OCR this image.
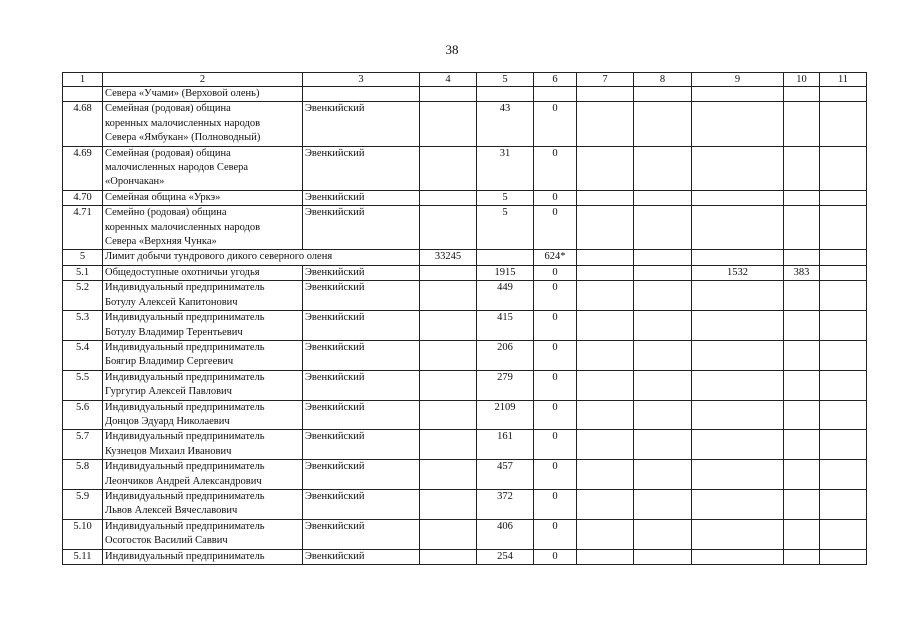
38
1	2	3	4	5	6	7	8	9	10	11
	Севера «Учами» (Верховой олень)									
4.68	Семейная (родовая) община
коренных малочисленных народов
Севера «Ямбукан» (Полноводный)	Эвенкийский		43	0					
4.69	Семейная (родовая) община
малочисленных народов Севера
«Орончакан»	Эвенкийский		31	0					
4.70	Семейная община «Уркэ»	Эвенкийский		5	0					
4.71	Семейно (родовая) община
коренных малочисленных народов
Севера «Верхняя Чунка»	Эвенкийский		5	0					
5	Лимит добычи тундрового дикого северного оленя		33245		624*					
5.1	Общедоступные охотничьи угодья	Эвенкийский		1915	0			1532	383	
5.2	Индивидуальный предприниматель
Ботулу Алексей Капитонович	Эвенкийский		449	0					
5.3	Индивидуальный предприниматель
Ботулу Владимир Терентьевич	Эвенкийский		415	0					
5.4	Индивидуальный предприниматель
Боягир Владимир Сергеевич	Эвенкийский		206	0					
5.5	Индивидуальный предприниматель
Гургугир Алексей Павлович	Эвенкийский		279	0					
5.6	Индивидуальный предприниматель
Донцов Эдуард Николаевич	Эвенкийский		2109	0					
5.7	Индивидуальный предприниматель
Кузнецов Михаил Иванович	Эвенкийский		161	0					
5.8	Индивидуальный предприниматель
Леончиков Андрей Александрович	Эвенкийский		457	0					
5.9	Индивидуальный предприниматель
Львов Алексей Вячеславович	Эвенкийский		372	0					
5.10	Индивидуальный предприниматель
Осогосток Василий Саввич	Эвенкийский		406	0					
5.11	Индивидуальный предприниматель	Эвенкийский		254	0					
